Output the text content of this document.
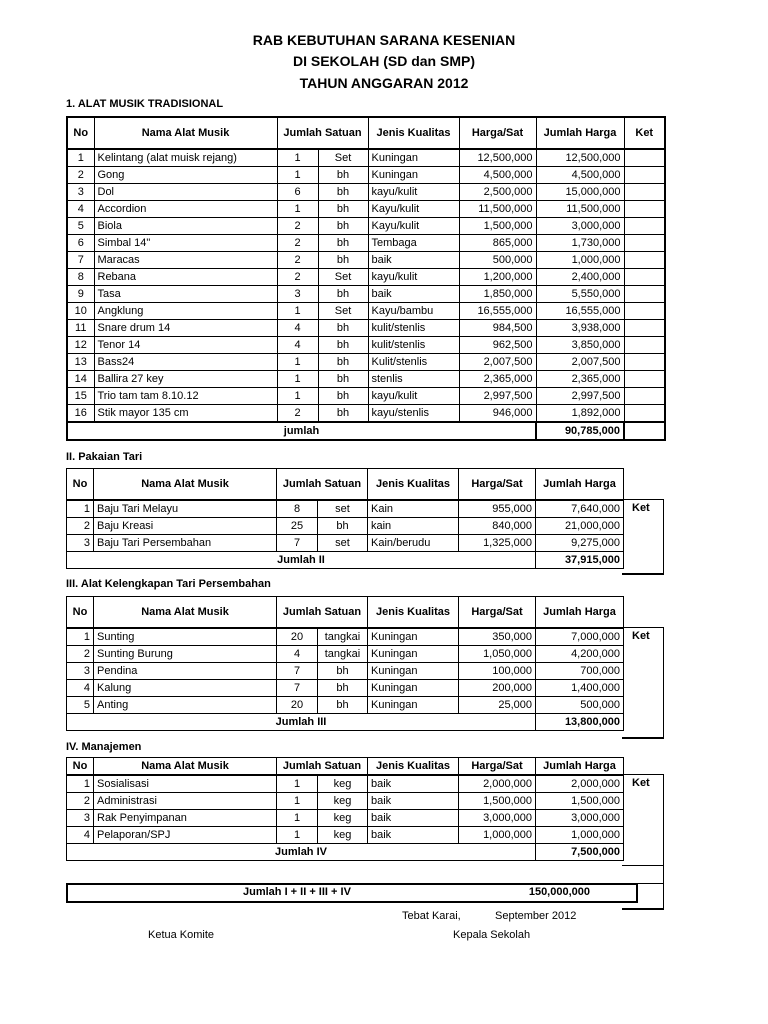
RAB KEBUTUHAN SARANA KESENIAN
DI SEKOLAH (SD dan SMP)
TAHUN ANGGARAN 2012
1. ALAT MUSIK TRADISIONAL
No	Nama Alat Musik	Jumlah Satuan		Jenis Kualitas	Harga/Sat	Jumlah Harga	Ket
1	Kelintang (alat muisk rejang)	1	Set	Kuningan	12,500,000	12,500,000	
2	Gong	1	bh	Kuningan	4,500,000	4,500,000	
3	Dol	6	bh	kayu/kulit	2,500,000	15,000,000	
4	Accordion	1	bh	Kayu/kulit	11,500,000	11,500,000	
5	Biola	2	bh	Kayu/kulit	1,500,000	3,000,000	
6	Simbal 14"	2	bh	Tembaga	865,000	1,730,000	
7	Maracas	2	bh	baik	500,000	1,000,000	
8	Rebana	2	Set	kayu/kulit	1,200,000	2,400,000	
9	Tasa	3	bh	baik	1,850,000	5,550,000	
10	Angklung	1	Set	Kayu/bambu	16,555,000	16,555,000	
11	Snare drum 14	4	bh	kulit/stenlis	984,500	3,938,000	
12	Tenor 14	4	bh	kulit/stenlis	962,500	3,850,000	
13	Bass24	1	bh	Kulit/stenlis	2,007,500	2,007,500	
14	Ballira 27 key	1	bh	stenlis	2,365,000	2,365,000	
15	Trio tam tam 8.10.12	1	bh	kayu/kulit	2,997,500	2,997,500	
16	Stik mayor 135 cm	2	bh	kayu/stenlis	946,000	1,892,000	
jumlah						90,785,000	
II. Pakaian Tari
No	Nama Alat Musik	Jumlah Satuan		Jenis Kualitas	Harga/Sat	Jumlah Harga
1	Baju Tari Melayu	8	set	Kain	955,000	7,640,000
2	Baju Kreasi	25	bh	kain	840,000	21,000,000
3	Baju Tari Persembahan	7	set	Kain/berudu	1,325,000	9,275,000
Jumlah II						37,915,000
Ket
III. Alat Kelengkapan Tari Persembahan
No	Nama Alat Musik	Jumlah Satuan		Jenis Kualitas	Harga/Sat	Jumlah Harga
1	Sunting	20	tangkai	Kuningan	350,000	7,000,000
2	Sunting Burung	4	tangkai	Kuningan	1,050,000	4,200,000
3	Pendina	7	bh	Kuningan	100,000	700,000
4	Kalung	7	bh	Kuningan	200,000	1,400,000
5	Anting	20	bh	Kuningan	25,000	500,000
Jumlah III						13,800,000
Ket
IV. Manajemen
No	Nama Alat Musik	Jumlah Satuan		Jenis Kualitas	Harga/Sat	Jumlah Harga
1	Sosialisasi	1	keg	baik	2,000,000	2,000,000
2	Administrasi	1	keg	baik	1,500,000	1,500,000
3	Rak Penyimpanan	1	keg	baik	3,000,000	3,000,000
4	Pelaporan/SPJ	1	keg	baik	1,000,000	1,000,000
Jumlah IV						7,500,000
Ket
Jumlah I + II + III + IV	150,000,000
Tebat Karai,	September 2012
Ketua Komite	Kepala Sekolah
